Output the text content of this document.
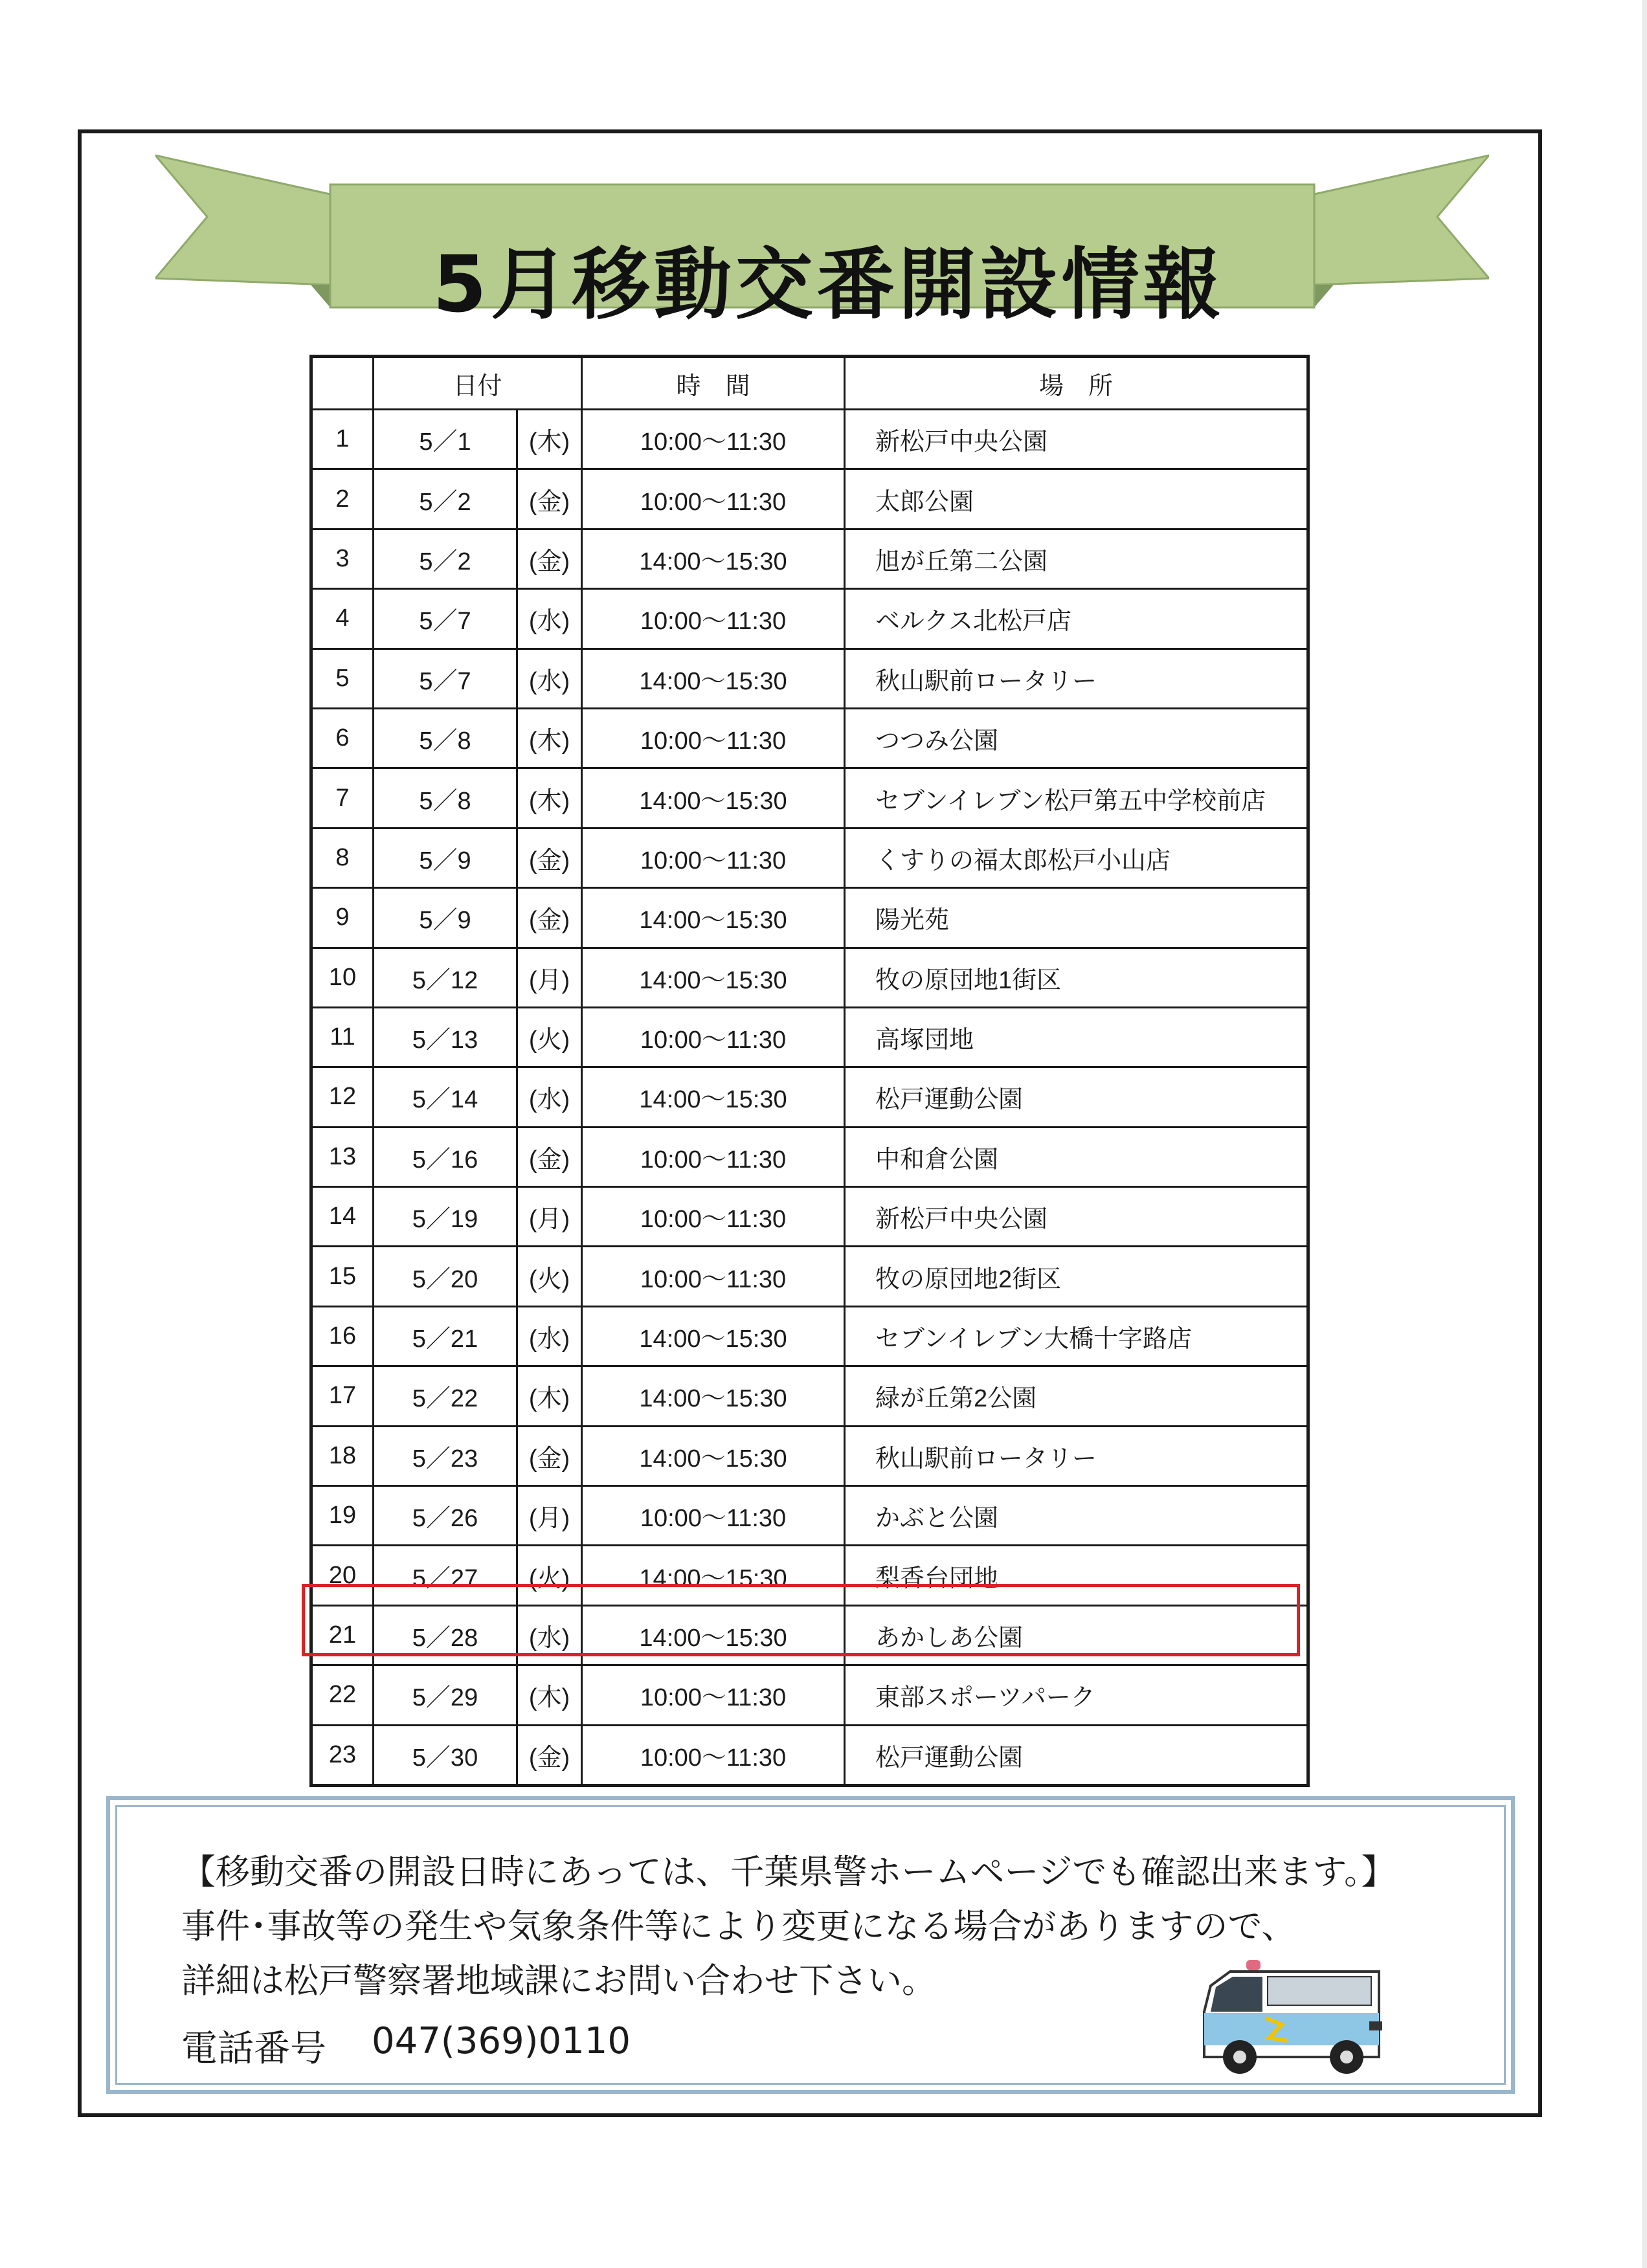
5月移動交番開設情報
	日付		時　間	場　所
1	5／1	(木)	10:00〜11:30	新松戸中央公園
2	5／2	(金)	10:00〜11:30	太郎公園
3	5／2	(金)	14:00〜15:30	旭が丘第二公園
4	5／7	(水)	10:00〜11:30	ベルクス北松戸店
5	5／7	(水)	14:00〜15:30	秋山駅前ロータリー
6	5／8	(木)	10:00〜11:30	つつみ公園
7	5／8	(木)	14:00〜15:30	セブンイレブン松戸第五中学校前店
8	5／9	(金)	10:00〜11:30	くすりの福太郎松戸小山店
9	5／9	(金)	14:00〜15:30	陽光苑
10	5／12	(月)	14:00〜15:30	牧の原団地1街区
11	5／13	(火)	10:00〜11:30	高塚団地
12	5／14	(水)	14:00〜15:30	松戸運動公園
13	5／16	(金)	10:00〜11:30	中和倉公園
14	5／19	(月)	10:00〜11:30	新松戸中央公園
15	5／20	(火)	10:00〜11:30	牧の原団地2街区
16	5／21	(水)	14:00〜15:30	セブンイレブン大橋十字路店
17	5／22	(木)	14:00〜15:30	緑が丘第2公園
18	5／23	(金)	14:00〜15:30	秋山駅前ロータリー
19	5／26	(月)	10:00〜11:30	かぶと公園
20	5／27	(火)	14:00〜15:30	梨香台団地
21	5／28	(水)	14:00〜15:30	あかしあ公園
22	5／29	(木)	10:00〜11:30	東部スポーツパーク
23	5／30	(金)	10:00〜11:30	松戸運動公園
【移動交番の開設日時にあっては、千葉県警ホームページでも確認出来ます。】
事件･事故等の発生や気象条件等により変更になる場合がありますので、
詳細は松戸警察署地域課にお問い合わせ下さい。
電話番号 047(369)0110
